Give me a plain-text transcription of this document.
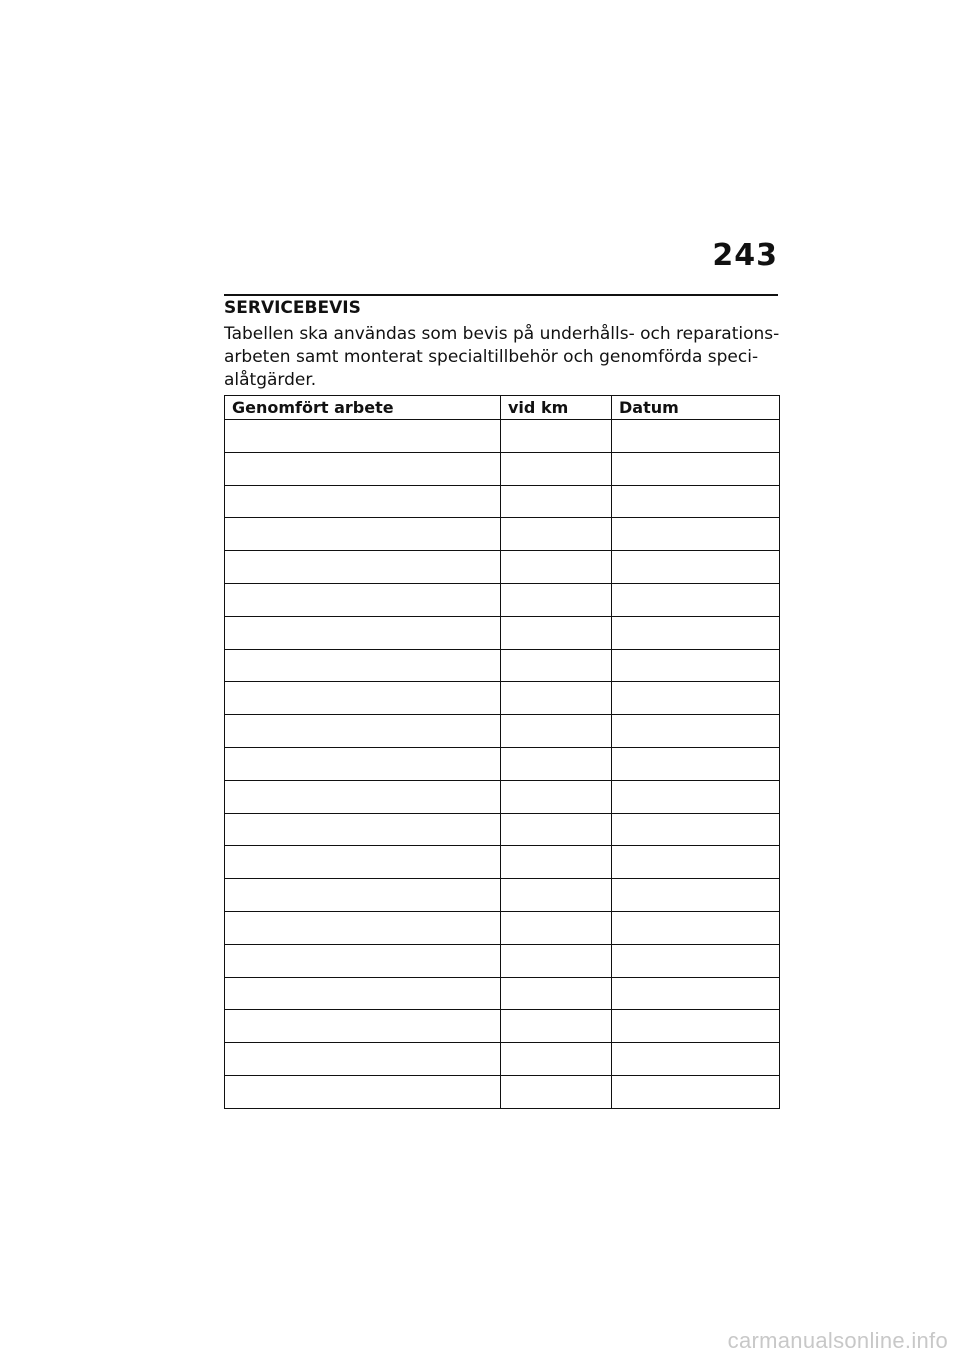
243
SERVICEBEVIS

Tabellen ska användas som bevis på underhålls- och reparations-
arbeten samt monterat specialtillbehör och genomförda speci-
alåtgärder.

Genomfört arbete	vid km	Datum

carmanualsonline.info
